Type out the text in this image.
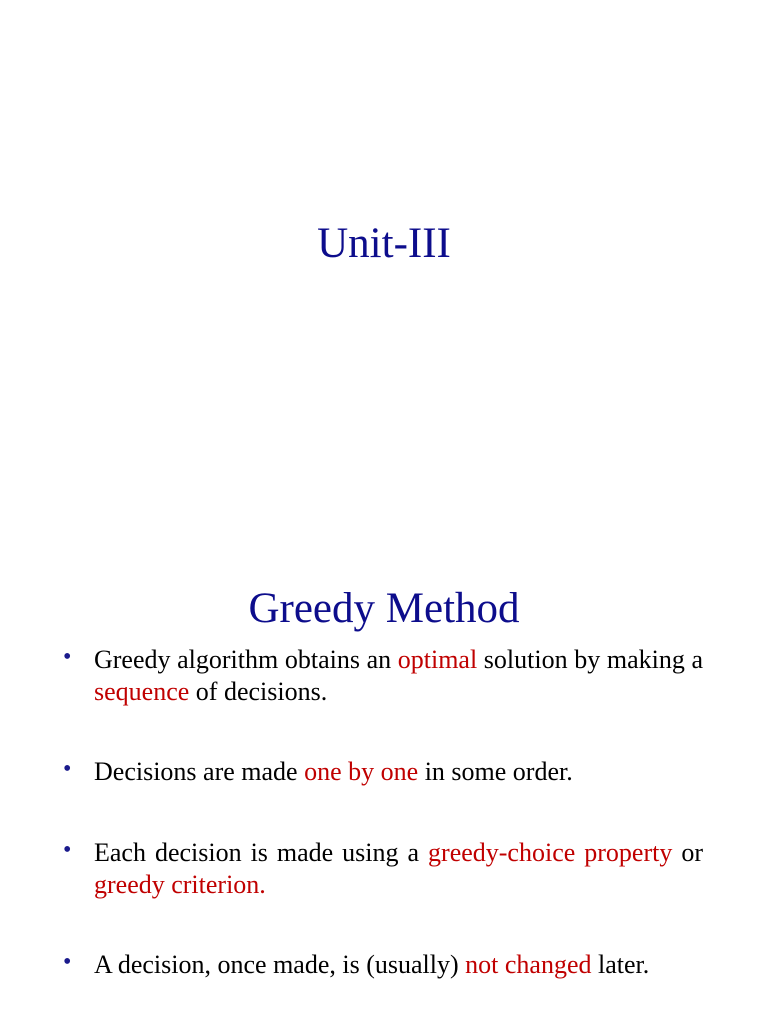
Unit-III
Greedy Method
• Greedy algorithm obtains an optimal solution by making a sequence of decisions.
• Decisions are made one by one in some order.
• Each decision is made using a greedy-choice property or greedy criterion.
• A decision, once made, is (usually) not changed later.
